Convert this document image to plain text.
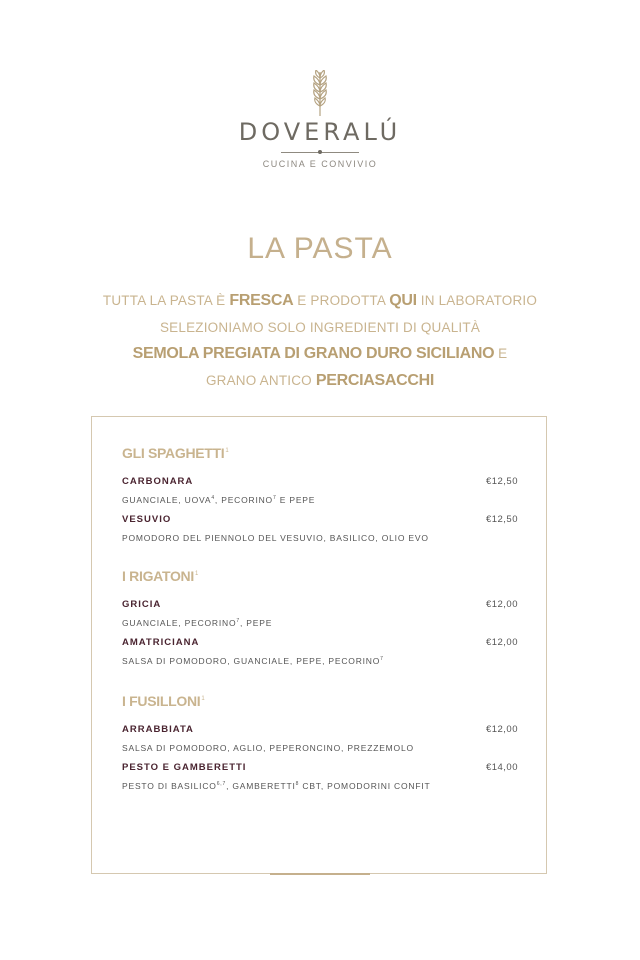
DOVERALÚ
CUCINA E CONVIVIO
LA PASTA

TUTTA LA PASTA È FRESCA E PRODOTTA QUI IN LABORATORIO

SELEZIONIAMO SOLO INGREDIENTI DI QUALITÀ

SEMOLA PREGIATA DI GRANO DURO SICILIANO E

GRANO ANTICO PERCIASACCHI

GLI SPAGHETTI$^1$
CARBONARA	€12,50
GUANCIALE, UOVA$^4$, PECORINO$^7$ E PEPE
VESUVIO	€12,50
POMODORO DEL PIENNOLO DEL VESUVIO, BASILICO, OLIO EVO
I RIGATONI$^1$
GRICIA	€12,00
GUANCIALE, PECORINO$^7$, PEPE
AMATRICIANA	€12,00
SALSA DI POMODORO, GUANCIALE, PEPE, PECORINO$^7$
I FUSILLONI$^1$
ARRABBIATA	€12,00
SALSA DI POMODORO, AGLIO, PEPERONCINO, PREZZEMOLO
PESTO E GAMBERETTI	€14,00
PESTO DI BASILICO$^{6,7}$, GAMBERETTI$^8$ CBT, POMODORINI CONFIT
